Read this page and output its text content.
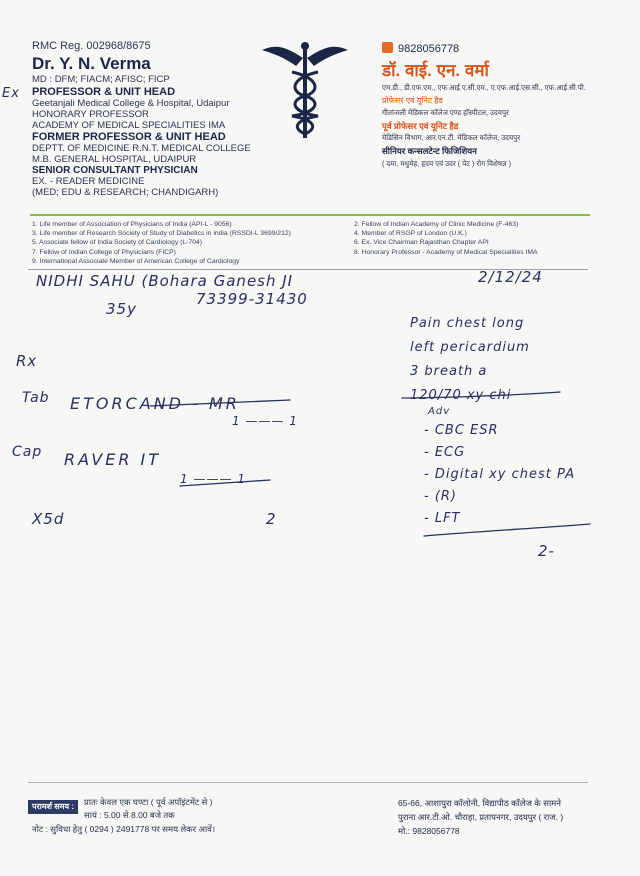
RMC Reg. 002968/8675
Dr. Y. N. Verma
MD : DFM; FIACM; AFISC; FICP
Ex PROFESSOR & UNIT HEAD
Geetanjali Medical College & Hospital, Udaipur
HONORARY PROFESSOR
ACADEMY OF MEDICAL SPECIALITIES IMA
FORMER PROFESSOR & UNIT HEAD
DEPTT. OF MEDICINE R.N.T. MEDICAL COLLEGE
M.B. GENERAL HOSPITAL, UDAIPUR
SENIOR CONSULTANT PHYSICIAN
EX. - READER MEDICINE
(MED; EDU & RESEARCH; CHANDIGARH)
9828056778
डॉ. वाई. एन. वर्मा
एम.डी., डी.एफ.एम., एफ.आई.ए.सी.एम., ए.एफ.आई.एस.सी., एफ.आई.सी.पी.
प्रोफेसर एवं यूनिट हैड
गीतांजली मेडिकल कॉलेज एण्ड हॉस्पीटल, उदयपुर
पूर्व प्रोफेसर एवं यूनिट हैड
मेडिसिन विभाग, आर.एन.टी. मेडिकल कॉलेज, उदयपुर
सीनियर कन्सलटेन्ट फिजिशियन
( दमा, मधुमेह, हृदय एवं उदर ( पेट ) रोग विशेषज्ञ )
1. Life member of Association of Physicians of India (API-L - 9056)
3. Life member of Research Society of Study of Diabetics in india (RSSDI-L 3699/212)
5. Associate fellow of India Society of Cardiology (L-704)
7. Fellow of Indian College of Physicians (FICP)
9. International Associate Member of American College of Cardiology
2. Fellow of Indian Academy of Clinic Medicine (F-463)
4. Member of RSGP of London (U.K.)
6. Ex. Vice Chairman Rajasthan Chapter API
8. Honorary Professor - Academy of Medical Specialities IMA
NIDHI SAHU (Bohara Ganesh JI	2/12/24
35y
73399-31430
Rx
Tab ETORCAND - MR
1 ——— 1
Cap RAVER IT
1 ——— 1
X5d	2
Pain chest long
left pericardium
3 breath a
120/70 xy chi
Adv
- CBC ESR
- ECG
- Digital xy chest PA
- (R)
- LFT
2-
परामर्श समय :	प्रातः केवल एक घण्टा ( पूर्व अपॉइंटमेंट से )
सायं : 5.00 से 8.00 बजे तक
नोट : सुविधा हेतु ( 0294 ) 2491778 पर समय लेकर आवें।
65-66, आशापुरा कॉलोनी, विद्यापीठ कॉलेज के सामने
पुराना आर.टी.ओ. चौराहा, प्रतापनगर, उदयपुर ( राज. )
मो.: 9828056778
